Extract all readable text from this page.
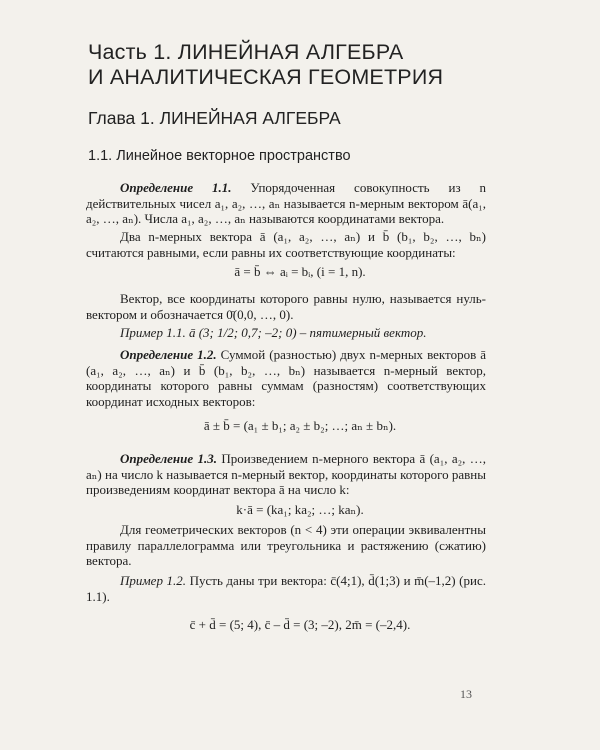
Часть 1. ЛИНЕЙНАЯ АЛГЕБРА
И АНАЛИТИЧЕСКАЯ ГЕОМЕТРИЯ
Глава 1. ЛИНЕЙНАЯ АЛГЕБРА
1.1. Линейное векторное пространство
Определение 1.1. Упорядоченная совокупность из n действительных чисел a₁, a₂, …, aₙ называется n-мерным вектором ā(a₁, a₂, …, aₙ). Числа a₁, a₂, …, aₙ называются координатами вектора.
Два n-мерных вектора ā (a₁, a₂, …, aₙ) и b̄ (b₁, b₂, …, bₙ) считаются равными, если равны их соответствующие координаты:
ā = b̄ ⇔ aᵢ = bᵢ, (i = 1, n).
Вектор, все координаты которого равны нулю, называется нуль-вектором и обозначается 0̄(0,0, …, 0).
Пример 1.1. ā (3; 1/2; 0,7; –2; 0) – пятимерный вектор.
Определение 1.2. Суммой (разностью) двух n-мерных векторов ā (a₁, a₂, …, aₙ) и b̄ (b₁, b₂, …, bₙ) называется n-мерный вектор, координаты которого равны суммам (разностям) соответствующих координат исходных векторов:
ā ± b̄ = (a₁ ± b₁; a₂ ± b₂; …; aₙ ± bₙ).
Определение 1.3. Произведением n-мерного вектора ā (a₁, a₂, …, aₙ) на число k называется n-мерный вектор, координаты которого равны произведениям координат вектора ā на число k:
k·ā = (ka₁; ka₂; …; kaₙ).
Для геометрических векторов (n < 4) эти операции эквивалентны правилу параллелограмма или треугольника и растяжению (сжатию) вектора.
Пример 1.2. Пусть даны три вектора: c̄(4;1), d̄(1;3) и m̄(–1,2) (рис. 1.1).
c̄ + d̄ = (5; 4), c̄ – d̄ = (3; –2), 2m̄ = (–2,4).
13
